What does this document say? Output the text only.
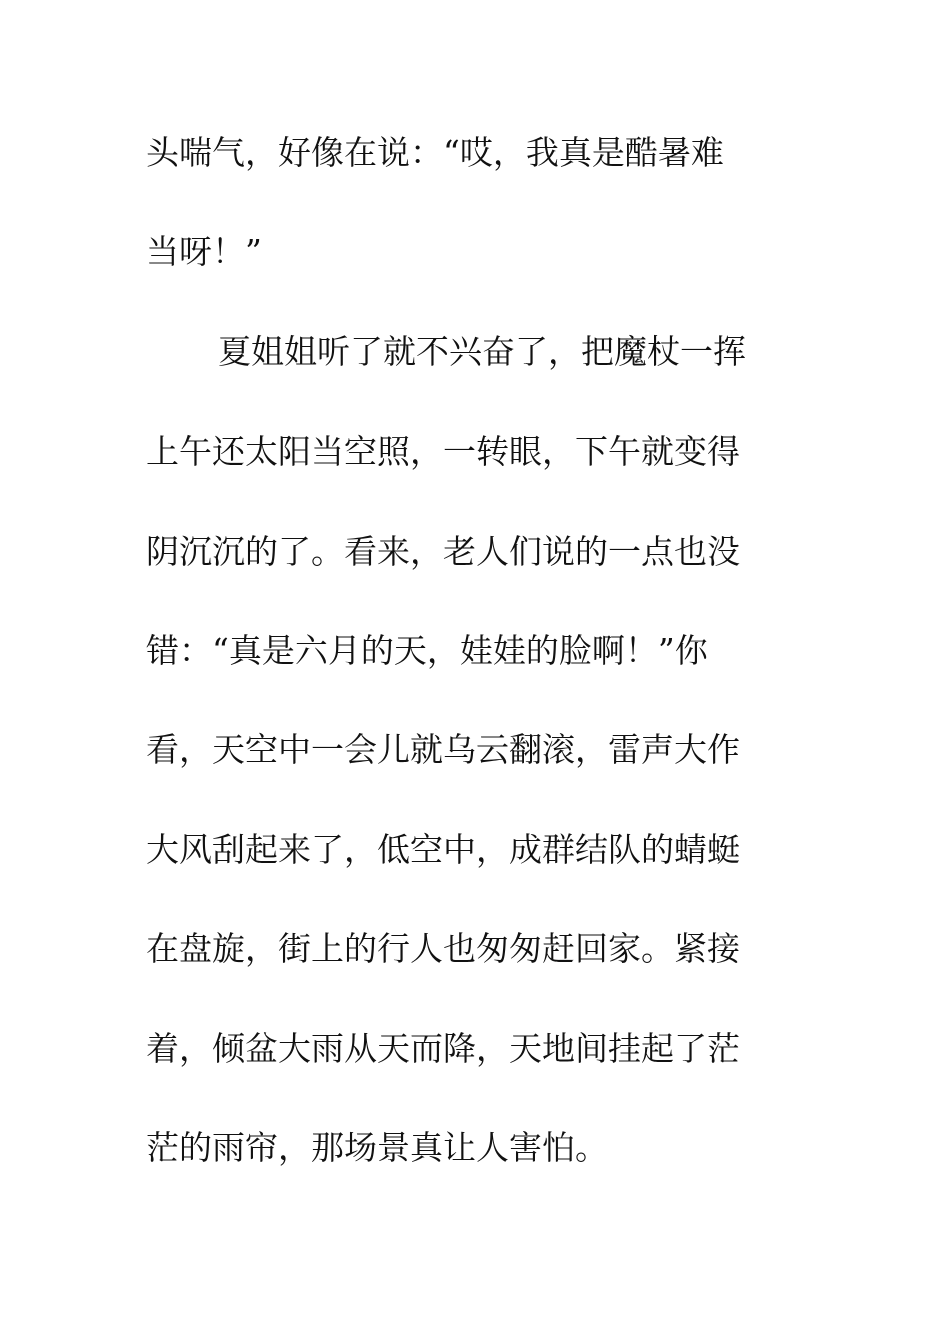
头喘气，好像在说：“哎，我真是酷暑难

当呀！”

夏姐姐听了就不兴奋了，把魔杖一挥

上午还太阳当空照，一转眼，下午就变得

阴沉沉的了。看来，老人们说的一点也没

错：“真是六月的天，娃娃的脸啊！”你

看，天空中一会儿就乌云翻滚，雷声大作

大风刮起来了，低空中，成群结队的蜻蜓

在盘旋，街上的行人也匆匆赶回家。紧接

着，倾盆大雨从天而降，天地间挂起了茫

茫的雨帘，那场景真让人害怕。
